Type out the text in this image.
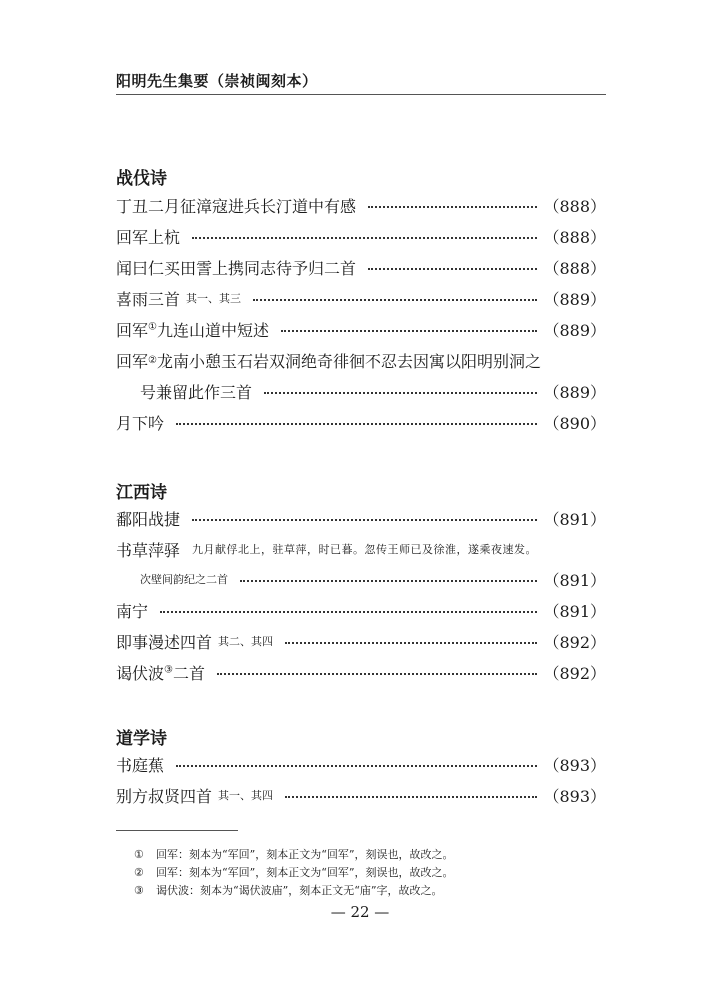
阳明先生集要（崇祯闽刻本）
战伐诗
丁丑二月征漳寇进兵长汀道中有感	（888）
回军上杭	（888）
闻曰仁买田霅上携同志待予归二首	（888）
喜雨三首 其一、其三	（889）
回军①九连山道中短述	（889）
回军 ② 龙南小憩玉石岩双洞绝奇徘徊不忍去因寓以阳明别洞之
号兼留此作三首	（889）
月下吟	（890）
江西诗
鄱阳战捷	（891）
书草萍驿 九月献俘北上，驻草萍，时已暮。忽传王师已及徐淮，遂乘夜速发。
次壁间韵纪之二首	（891）
南宁	（891）
即事漫述四首 其二、其四	（892）
谒伏波③二首	（892）
道学诗
书庭蕉	（893）
别方叔贤四首 其一、其四	（893）
① 回军：刻本为“军回”，刻本正文为“回军”，刻误也，故改之。
② 回军：刻本为“军回”，刻本正文为“回军”，刻误也，故改之。
③ 谒伏波：刻本为“谒伏波庙”，刻本正文无“庙”字，故改之。
— 22 —
